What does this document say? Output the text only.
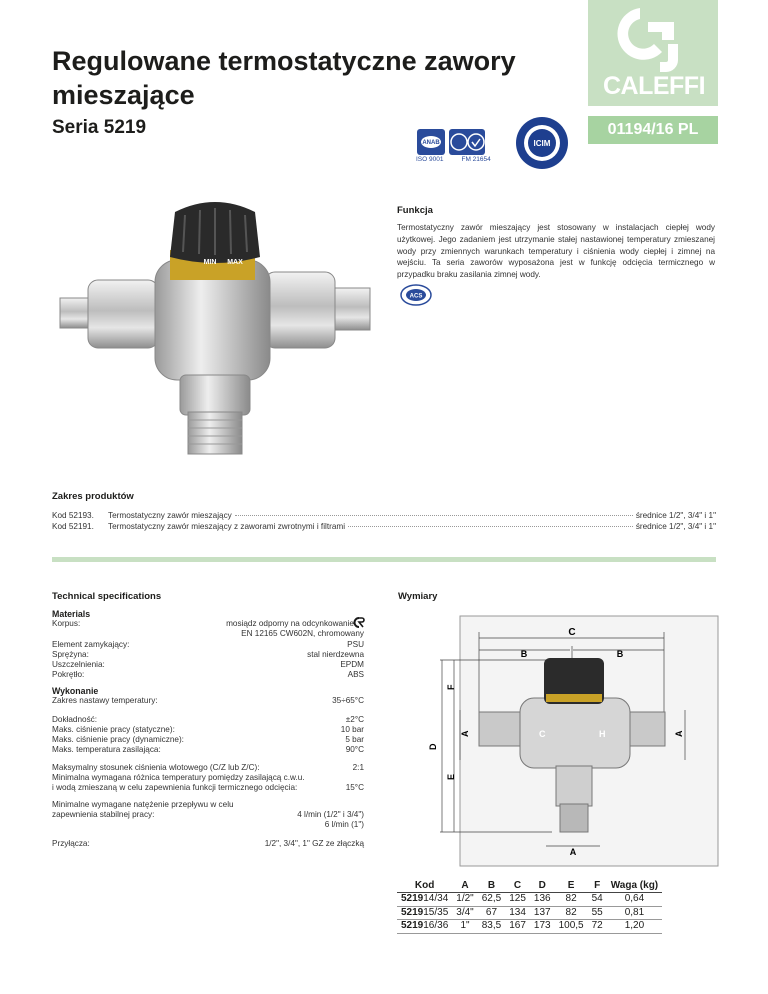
Regulowane termostatyczne zawory mieszające
Seria 5219
CALEFFI
01194/16 PL
ANAB
ISO 9001	FM 21654
ICIM
MIN MAX
Funkcja
Termostatyczny zawór mieszający jest stosowany w instalacjach ciepłej wody użytkowej. Jego zadaniem jest utrzymanie stałej nastawionej temperatury zmieszanej wody przy zmiennych warunkach temperatury i ciśnienia wody ciepłej i zimnej na wejściu. Ta seria zaworów wyposażona jest w funkcję odcięcia termicznego w przypadku braku zasilania zimnej wody.
ACS
Zakres produktów
Kod 52193.	Termostatyczny zawór mieszający	średnice 1/2", 3/4" i 1"
Kod 52191.	Termostatyczny zawór mieszający z zaworami zwrotnymi i filtrami	średnice 1/2", 3/4" i 1"
Technical specifications	Wymiary
Materials
Korpus:	mosiądz odporny na odcynkowanie
EN 12165 CW602N, chromowany
Element zamykający:	PSU
Sprężyna:	stal nierdzewna
Uszczelnienia:	EPDM
Pokrętło:	ABS
Wykonanie
Zakres nastawy temperatury:	35÷65°C
Dokładność:	±2°C
Maks. ciśnienie pracy (statyczne):	10 bar
Maks. ciśnienie pracy (dynamiczne):	5 bar
Maks. temperatura zasilająca:	90°C
Maksymalny stosunek ciśnienia wlotowego (C/Z lub Z/C):	2:1
Minimalna wymagana różnica temperatury pomiędzy zasilającą c.w.u.
i wodą zmieszaną w celu zapewnienia funkcji termicznego odcięcia:	15°C
Minimalne wymagane natężenie przepływu w celu
zapewnienia stabilnej pracy:	4 l/min (1/2" i 3/4")
6 l/min (1")
Przyłącza:	1/2", 3/4", 1" GZ ze złączką
C
B	B
D
F
E
A	A
A
C	H
Kod	A	B	C	D	E	F	Waga (kg)
521914/34	1/2"	62,5	125	136	82	54	0,64
521915/35	3/4"	67	134	137	82	55	0,81
521916/36	1"	83,5	167	173	100,5	72	1,20
